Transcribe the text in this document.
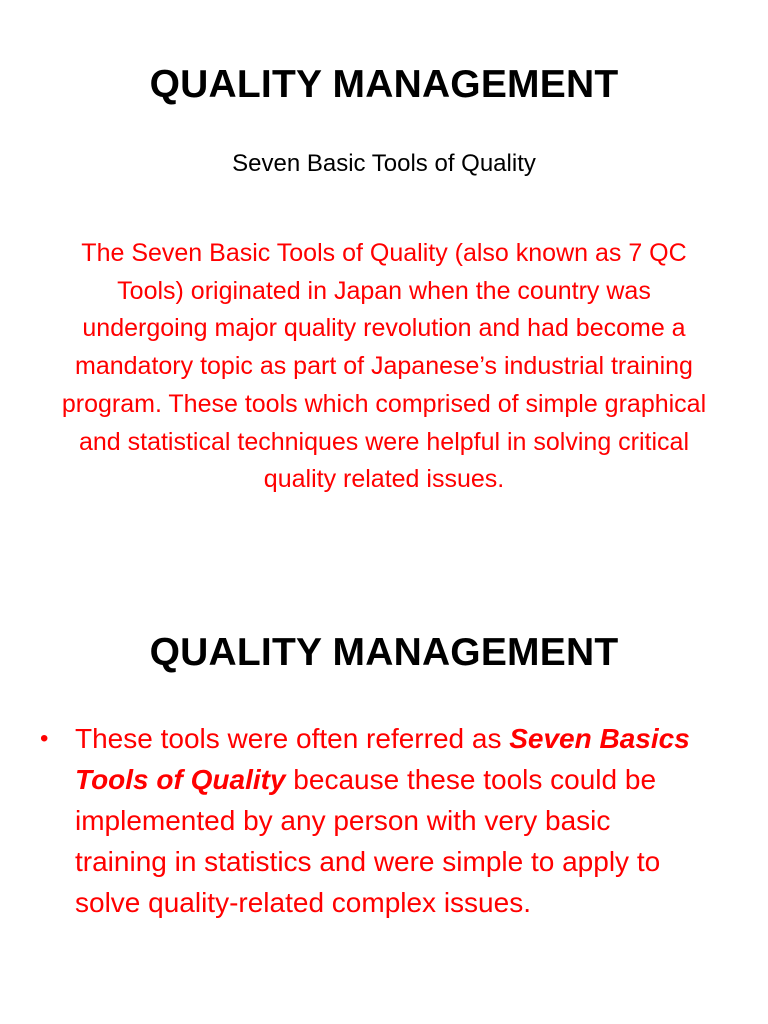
QUALITY MANAGEMENT
Seven Basic Tools of Quality

The Seven Basic Tools of Quality (also known as 7 QC Tools) originated in Japan when the country was undergoing major quality revolution and had become a mandatory topic as part of Japanese’s industrial training program. These tools which comprised of simple graphical and statistical techniques were helpful in solving critical quality related issues.

QUALITY MANAGEMENT
• These tools were often referred as Seven Basics Tools of Quality because these tools could be implemented by any person with very basic training in statistics and were simple to apply to solve quality-related complex issues.
